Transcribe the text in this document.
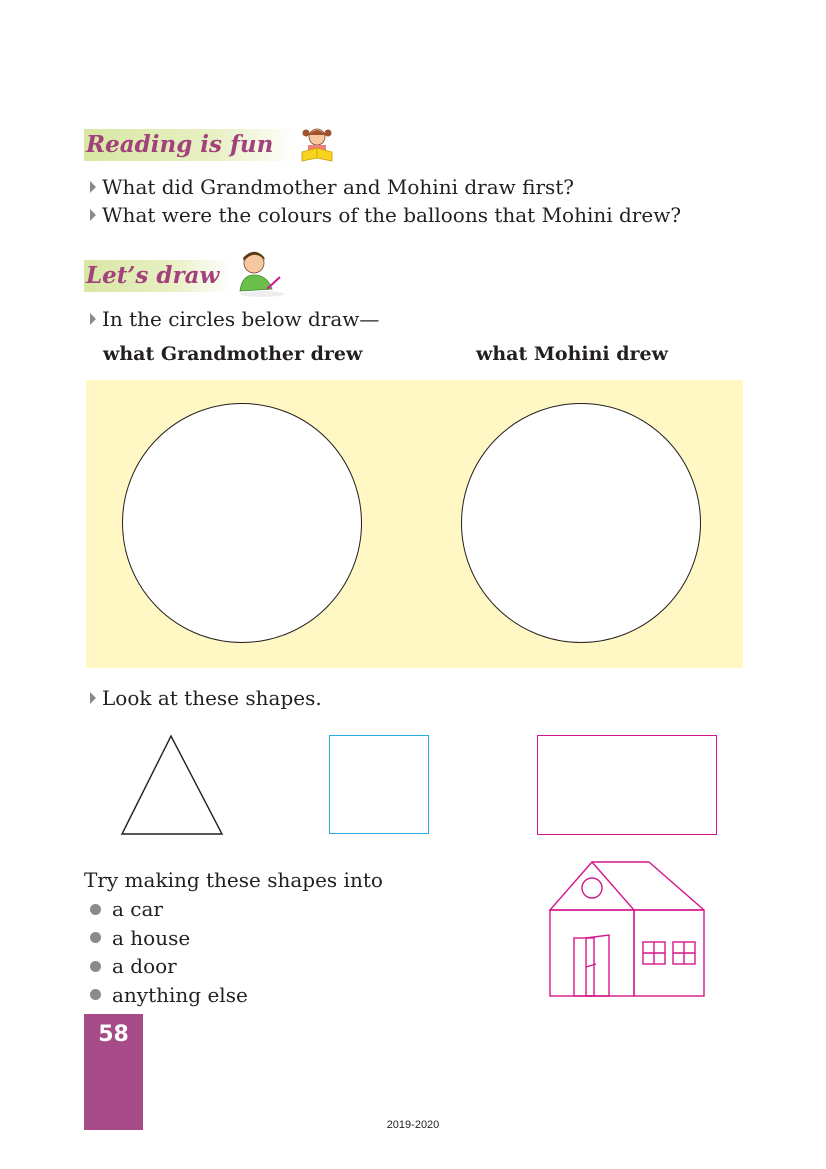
Reading is fun
What did Grandmother and Mohini draw first?
What were the colours of the balloons that Mohini drew?
Let’s draw
In the circles below draw—
what Grandmother drew	what Mohini drew
Look at these shapes.
Try making these shapes into
a car
a house
a door
anything else
58
2019-2020
